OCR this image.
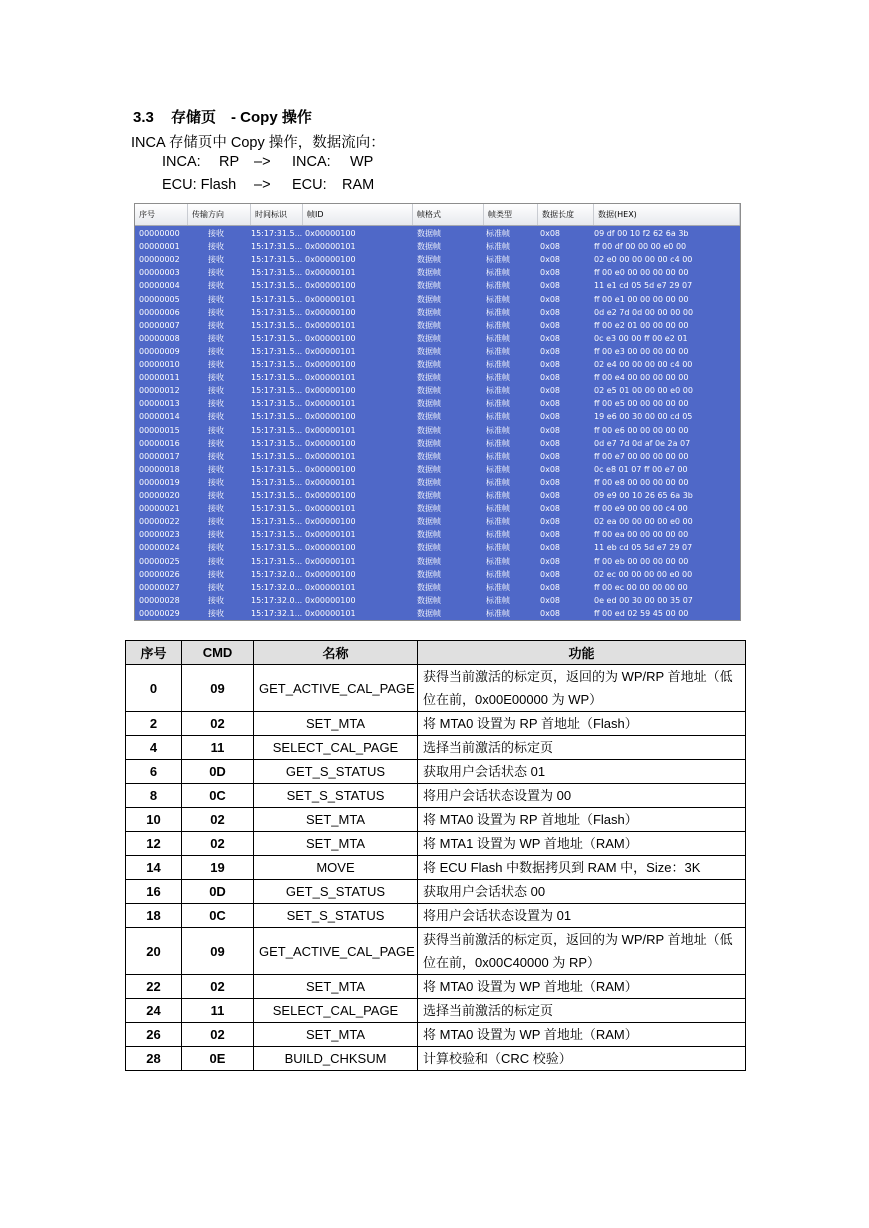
3.3 存储页 - Copy 操作
INCA 存储页中 Copy 操作，数据流向：
INCA: RP –> INCA: WP
ECU: Flash –> ECU: RAM
序号	传输方向	时间标识	帧ID	帧格式	帧类型	数据长度	数据(HEX)
00000000	接收	15:17:31.5... 0x00000100	数据帧	标准帧	0x08	09 df 00 10 f2 62 6a 3b
00000001	接收	15:17:31.5... 0x00000101	数据帧	标准帧	0x08	ff 00 df 00 00 00 e0 00
00000002	接收	15:17:31.5... 0x00000100	数据帧	标准帧	0x08	02 e0 00 00 00 00 c4 00
00000003	接收	15:17:31.5... 0x00000101	数据帧	标准帧	0x08	ff 00 e0 00 00 00 00 00
00000004	接收	15:17:31.5... 0x00000100	数据帧	标准帧	0x08	11 e1 cd 05 5d e7 29 07
00000005	接收	15:17:31.5... 0x00000101	数据帧	标准帧	0x08	ff 00 e1 00 00 00 00 00
00000006	接收	15:17:31.5... 0x00000100	数据帧	标准帧	0x08	0d e2 7d 0d 00 00 00 00
00000007	接收	15:17:31.5... 0x00000101	数据帧	标准帧	0x08	ff 00 e2 01 00 00 00 00
00000008	接收	15:17:31.5... 0x00000100	数据帧	标准帧	0x08	0c e3 00 00 ff 00 e2 01
00000009	接收	15:17:31.5... 0x00000101	数据帧	标准帧	0x08	ff 00 e3 00 00 00 00 00
00000010	接收	15:17:31.5... 0x00000100	数据帧	标准帧	0x08	02 e4 00 00 00 00 c4 00
00000011	接收	15:17:31.5... 0x00000101	数据帧	标准帧	0x08	ff 00 e4 00 00 00 00 00
00000012	接收	15:17:31.5... 0x00000100	数据帧	标准帧	0x08	02 e5 01 00 00 00 e0 00
00000013	接收	15:17:31.5... 0x00000101	数据帧	标准帧	0x08	ff 00 e5 00 00 00 00 00
00000014	接收	15:17:31.5... 0x00000100	数据帧	标准帧	0x08	19 e6 00 30 00 00 cd 05
00000015	接收	15:17:31.5... 0x00000101	数据帧	标准帧	0x08	ff 00 e6 00 00 00 00 00
00000016	接收	15:17:31.5... 0x00000100	数据帧	标准帧	0x08	0d e7 7d 0d af 0e 2a 07
00000017	接收	15:17:31.5... 0x00000101	数据帧	标准帧	0x08	ff 00 e7 00 00 00 00 00
00000018	接收	15:17:31.5... 0x00000100	数据帧	标准帧	0x08	0c e8 01 07 ff 00 e7 00
00000019	接收	15:17:31.5... 0x00000101	数据帧	标准帧	0x08	ff 00 e8 00 00 00 00 00
00000020	接收	15:17:31.5... 0x00000100	数据帧	标准帧	0x08	09 e9 00 10 26 65 6a 3b
00000021	接收	15:17:31.5... 0x00000101	数据帧	标准帧	0x08	ff 00 e9 00 00 00 c4 00
00000022	接收	15:17:31.5... 0x00000100	数据帧	标准帧	0x08	02 ea 00 00 00 00 e0 00
00000023	接收	15:17:31.5... 0x00000101	数据帧	标准帧	0x08	ff 00 ea 00 00 00 00 00
00000024	接收	15:17:31.5... 0x00000100	数据帧	标准帧	0x08	11 eb cd 05 5d e7 29 07
00000025	接收	15:17:31.5... 0x00000101	数据帧	标准帧	0x08	ff 00 eb 00 00 00 00 00
00000026	接收	15:17:32.0... 0x00000100	数据帧	标准帧	0x08	02 ec 00 00 00 00 e0 00
00000027	接收	15:17:32.0... 0x00000101	数据帧	标准帧	0x08	ff 00 ec 00 00 00 00 00
00000028	接收	15:17:32.0... 0x00000100	数据帧	标准帧	0x08	0e ed 00 30 00 00 35 07
00000029	接收	15:17:32.1... 0x00000101	数据帧	标准帧	0x08	ff 00 ed 02 59 45 00 00
序号	CMD	名称	功能
0	09	GET_ACTIVE_CAL_PAGE	获得当前激活的标定页，返回的为 WP/RP 首地址（低位在前，0x00E00000 为 WP）
2	02	SET_MTA	将 MTA0 设置为 RP 首地址（Flash）
4	11	SELECT_CAL_PAGE	选择当前激活的标定页
6	0D	GET_S_STATUS	获取用户会话状态 01
8	0C	SET_S_STATUS	将用户会话状态设置为 00
10	02	SET_MTA	将 MTA0 设置为 RP 首地址（Flash）
12	02	SET_MTA	将 MTA1 设置为 WP 首地址（RAM）
14	19	MOVE	将 ECU Flash 中数据拷贝到 RAM 中，Size：3K
16	0D	GET_S_STATUS	获取用户会话状态 00
18	0C	SET_S_STATUS	将用户会话状态设置为 01
20	09	GET_ACTIVE_CAL_PAGE	获得当前激活的标定页，返回的为 WP/RP 首地址（低位在前，0x00C40000 为 RP）
22	02	SET_MTA	将 MTA0 设置为 WP 首地址（RAM）
24	11	SELECT_CAL_PAGE	选择当前激活的标定页
26	02	SET_MTA	将 MTA0 设置为 WP 首地址（RAM）
28	0E	BUILD_CHKSUM	计算校验和（CRC 校验）
